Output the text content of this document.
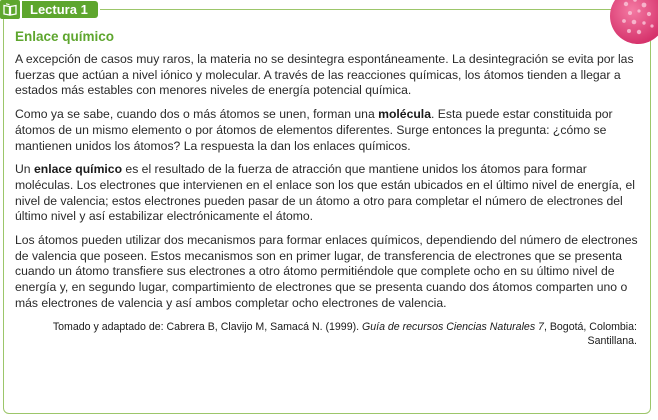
Lectura 1
Enlace químico

A excepción de casos muy raros, la materia no se desintegra espontáneamente. La desintegración se evita por las fuerzas que actúan a nivel iónico y molecular. A través de las reacciones químicas, los átomos tienden a llegar a estados más estables con menores niveles de energía potencial química.

Como ya se sabe, cuando dos o más átomos se unen, forman una molécula. Esta puede estar constituida por átomos de un mismo elemento o por átomos de elementos diferentes. Surge entonces la pregunta: ¿cómo se mantienen unidos los átomos? La respuesta la dan los enlaces químicos.

Un enlace químico es el resultado de la fuerza de atracción que mantiene unidos los átomos para formar moléculas. Los electrones que intervienen en el enlace son los que están ubicados en el último nivel de energía, el nivel de valencia; estos electrones pueden pasar de un átomo a otro para completar el número de electrones del último nivel y así estabilizar electrónicamente el átomo.

Los átomos pueden utilizar dos mecanismos para formar enlaces químicos, dependiendo del número de electrones de valencia que poseen. Estos mecanismos son en primer lugar, de transferencia de electrones que se presenta cuando un átomo transfiere sus electrones a otro átomo permitiéndole que complete ocho en su último nivel de energía y, en segundo lugar, compartimiento de electrones que se presenta cuando dos átomos comparten uno o más electrones de valencia y así ambos completar ocho electrones de valencia.

Tomado y adaptado de: Cabrera B, Clavijo M, Samacá N. (1999). Guía de recursos Ciencias Naturales 7, Bogotá, Colombia: Santillana.
